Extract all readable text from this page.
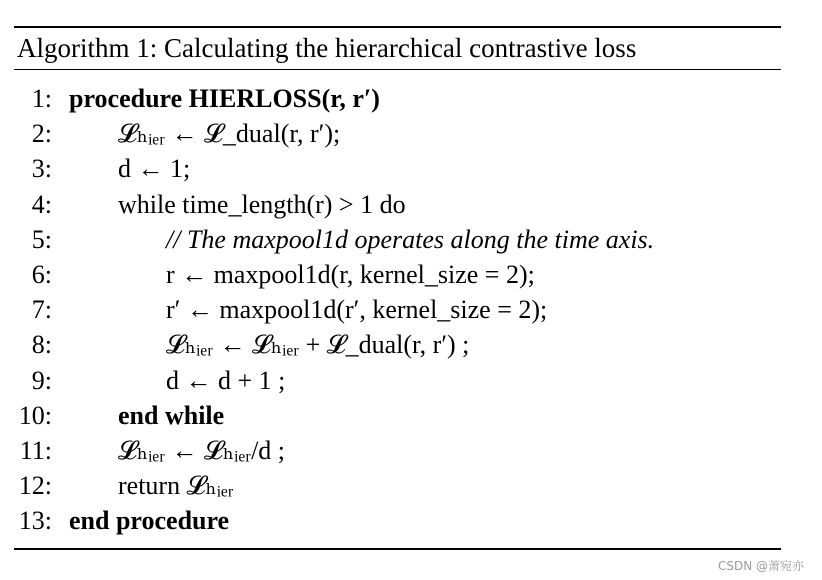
Algorithm 1: Calculating the hierarchical contrastive loss
1: procedure HIERLOSS(r, r′)
2:	𝓛ₕᵢₑᵣ ← 𝓛_dual(r, r′);
3:	d ← 1;
4:	while time_length(r) > 1 do
5:	// The maxpool1d operates along the time axis.
6:	r ← maxpool1d(r, kernel_size = 2);
7:	r′ ← maxpool1d(r′, kernel_size = 2);
8:	𝓛ₕᵢₑᵣ ← 𝓛ₕᵢₑᵣ + 𝓛_dual(r, r′) ;
9:	d ← d + 1 ;
10:	end while
11:	𝓛ₕᵢₑᵣ ← 𝓛ₕᵢₑᵣ/d ;
12:	return 𝓛ₕᵢₑᵣ
13: end procedure
CSDN @萧宛亦
